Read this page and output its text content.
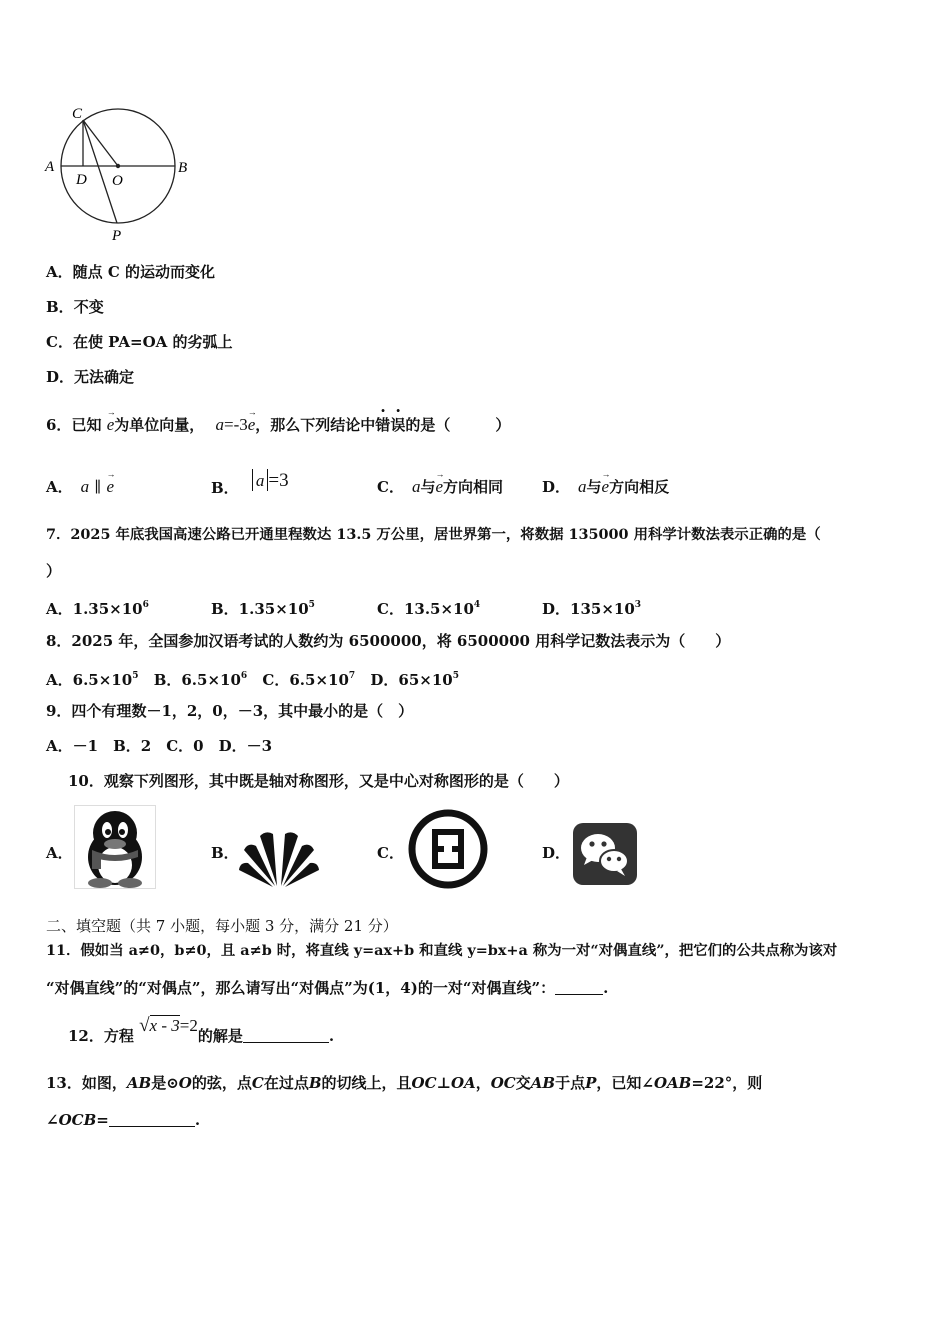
C
A
D O
B
P
A．随点 C 的运动而变化
B．不变
C．在使 PA=OA 的劣弧上
D．无法确定
6．已知 → e为单位向量， a=-3→ e，那么下列结论中错误的是（　　　）
A． a ∥ → e	B． a =3	C． a与→ e方向相同	D． a与→ e方向相反
7．2025 年底我国高速公路已开通里程数达 13.5 万公里，居世界第一，将数据 135000 用科学计数法表示正确的是（
）
A．$1.35\times 10^6$	B．$1.35\times 10^5$	C．$13.5\times 10^4$	D．$135\times 10^3$
8．2025 年，全国参加汉语考试的人数约为 6500000，将 6500000 用科学记数法表示为（　　）
A．$6.5\times 10^5$ B．$6.5\times 10^6$ C．$6.5\times 10^7$ D．$65\times 10^5$
9．四个有理数－1，2，0，－3，其中最小的是（　）
A．－1　B．2　C．0　D．－3
10．观察下列图形，其中既是轴对称图形，又是中心对称图形的是（　　）
A．	B．	C．	D．
二、填空题（共 7 小题，每小题 3 分，满分 21 分）
11．假如当 a≠0，b≠0，且 a≠b 时，将直线 y=ax+b 和直线 y=bx+a 称为一对“对偶直线”，把它们的公共点称为该对
“对偶直线”的“对偶点”，那么请写出“对偶点”为(1，4)的一对“对偶直线”：	.
12．方程 √x - 3=2的解是	.
13．如图，AB是⊙O的弦，点C在过点B的切线上，且OC⊥OA，OC交AB于点P，已知∠OAB=22°，则
∠OCB=	.
